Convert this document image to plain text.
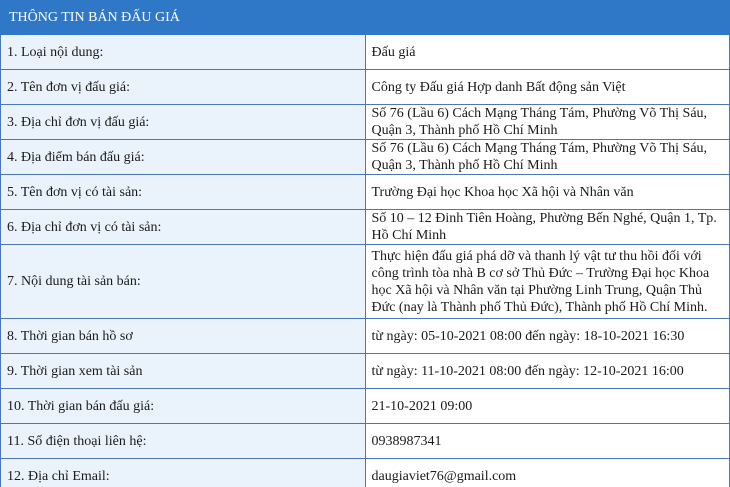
THÔNG TIN BÁN ĐẤU GIÁ	
1. Loại nội dung:	Đấu giá
2. Tên đơn vị đấu giá:	Công ty Đấu giá Hợp danh Bất động sản Việt
3. Địa chỉ đơn vị đấu giá:	Số 76 (Lầu 6) Cách Mạng Tháng Tám, Phường Võ Thị Sáu, Quận 3, Thành phố Hồ Chí Minh
4. Địa điểm bán đấu giá:	Số 76 (Lầu 6) Cách Mạng Tháng Tám, Phường Võ Thị Sáu, Quận 3, Thành phố Hồ Chí Minh
5. Tên đơn vị có tài sản:	Trường Đại học Khoa học Xã hội và Nhân văn
6. Địa chỉ đơn vị có tài sản:	Số 10 – 12 Đinh Tiên Hoàng, Phường Bến Nghé, Quận 1, Tp. Hồ Chí Minh
7. Nội dung tài sản bán:	Thực hiện đấu giá phá dỡ và thanh lý vật tư thu hồi đối với công trình tòa nhà B cơ sở Thủ Đức – Trường Đại học Khoa học Xã hội và Nhân văn tại Phường Linh Trung, Quận Thủ Đức (nay là Thành phố Thủ Đức), Thành phố Hồ Chí Minh.
8. Thời gian bán hồ sơ	từ ngày: 05-10-2021 08:00 đến ngày: 18-10-2021 16:30
9. Thời gian xem tài sản	từ ngày: 11-10-2021 08:00 đến ngày: 12-10-2021 16:00
10. Thời gian bán đấu giá:	21-10-2021 09:00
11. Số điện thoại liên hệ:	0938987341
12. Địa chỉ Email:	daugiaviet76@gmail.com
